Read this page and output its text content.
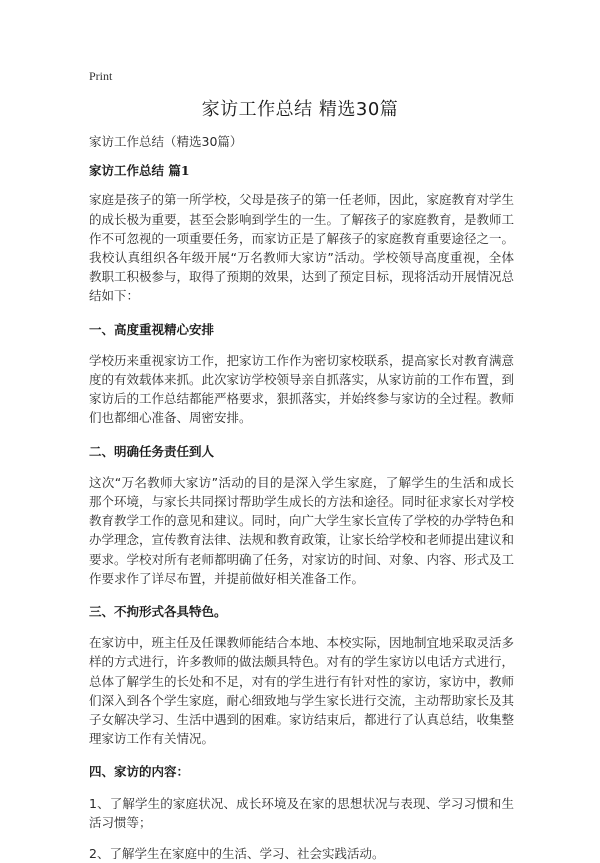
Print
家访工作总结 精选30篇

家访工作总结（精选30篇）

家访工作总结 篇1

家庭是孩子的第一所学校，父母是孩子的第一任老师，因此，家庭教育对学生的成长极为重要，甚至会影响到学生的一生。了解孩子的家庭教育，是教师工作不可忽视的一项重要任务，而家访正是了解孩子的家庭教育重要途径之一。我校认真组织各年级开展“万名教师大家访”活动。学校领导高度重视，全体教职工积极参与，取得了预期的效果，达到了预定目标，现将活动开展情况总结如下：

一、高度重视精心安排

学校历来重视家访工作，把家访工作作为密切家校联系，提高家长对教育满意度的有效载体来抓。此次家访学校领导亲自抓落实，从家访前的工作布置，到家访后的工作总结都能严格要求，狠抓落实，并始终参与家访的全过程。教师们也都细心准备、周密安排。

二、明确任务责任到人

这次“万名教师大家访”活动的目的是深入学生家庭，了解学生的生活和成长那个环境，与家长共同探讨帮助学生成长的方法和途径。同时征求家长对学校教育教学工作的意见和建议。同时，向广大学生家长宣传了学校的办学特色和办学理念，宣传教育法律、法规和教育政策，让家长给学校和老师提出建议和要求。学校对所有老师都明确了任务，对家访的时间、对象、内容、形式及工作要求作了详尽布置，并提前做好相关准备工作。

三、不拘形式各具特色。

在家访中，班主任及任课教师能结合本地、本校实际，因地制宜地采取灵活多样的方式进行，许多教师的做法颇具特色。对有的学生家访以电话方式进行，总体了解学生的长处和不足，对有的学生进行有针对性的家访，家访中，教师们深入到各个学生家庭，耐心细致地与学生家长进行交流，主动帮助家长及其子女解决学习、生活中遇到的困难。家访结束后，都进行了认真总结，收集整理家访工作有关情况。

四、家访的内容：

1、了解学生的家庭状况、成长环境及在家的思想状况与表现、学习习惯和生活习惯等；

2、了解学生在家庭中的生活、学习、社会实践活动。
